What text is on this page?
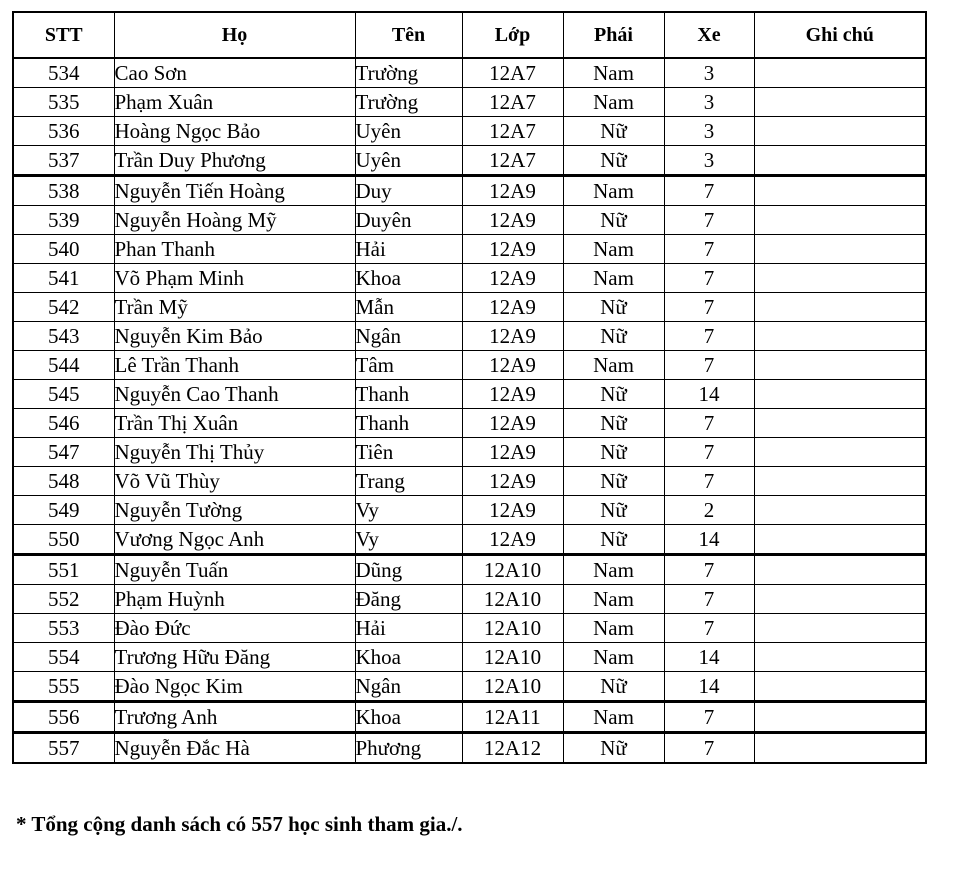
STT	Họ	Tên	Lớp	Phái	Xe	Ghi chú
534	Cao Sơn	Trường	12A7	Nam	3	
535	Phạm Xuân	Trường	12A7	Nam	3	
536	Hoàng Ngọc Bảo	Uyên	12A7	Nữ	3	
537	Trần Duy Phương	Uyên	12A7	Nữ	3	
538	Nguyễn Tiến Hoàng	Duy	12A9	Nam	7	
539	Nguyễn Hoàng Mỹ	Duyên	12A9	Nữ	7	
540	Phan Thanh	Hải	12A9	Nam	7	
541	Võ Phạm Minh	Khoa	12A9	Nam	7	
542	Trần Mỹ	Mẫn	12A9	Nữ	7	
543	Nguyễn Kim Bảo	Ngân	12A9	Nữ	7	
544	Lê Trần Thanh	Tâm	12A9	Nam	7	
545	Nguyễn Cao Thanh	Thanh	12A9	Nữ	14	
546	Trần Thị Xuân	Thanh	12A9	Nữ	7	
547	Nguyễn Thị Thủy	Tiên	12A9	Nữ	7	
548	Võ Vũ Thùy	Trang	12A9	Nữ	7	
549	Nguyễn Tường	Vy	12A9	Nữ	2	
550	Vương Ngọc Anh	Vy	12A9	Nữ	14	
551	Nguyễn Tuấn	Dũng	12A10	Nam	7	
552	Phạm Huỳnh	Đăng	12A10	Nam	7	
553	Đào Đức	Hải	12A10	Nam	7	
554	Trương Hữu Đăng	Khoa	12A10	Nam	14	
555	Đào Ngọc Kim	Ngân	12A10	Nữ	14	
556	Trương Anh	Khoa	12A11	Nam	7	
557	Nguyễn Đắc Hà	Phương	12A12	Nữ	7	
* Tổng cộng danh sách có 557 học sinh tham gia./.
